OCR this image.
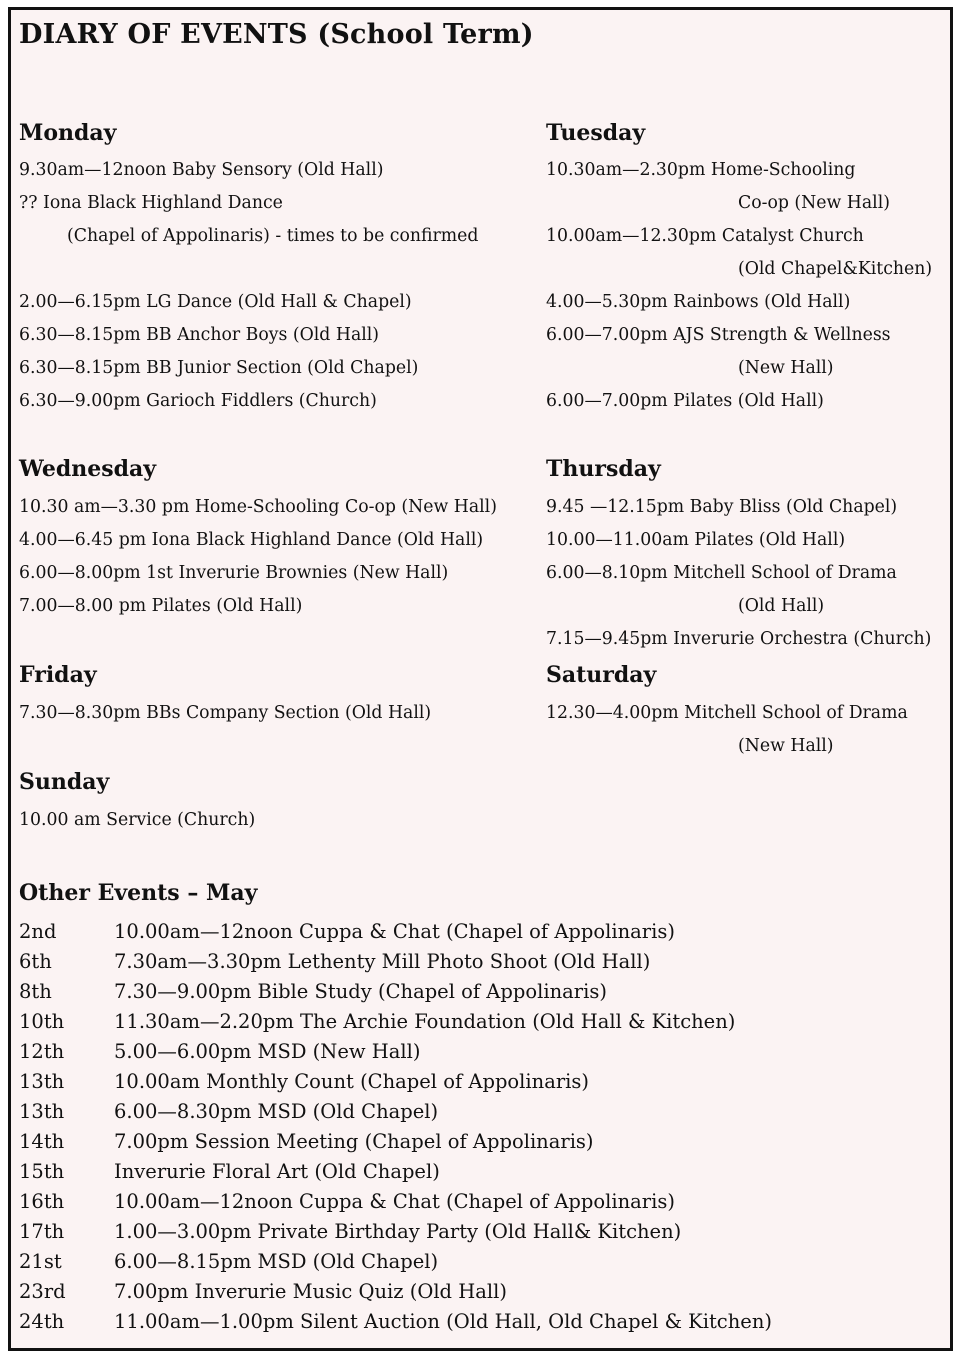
DIARY OF EVENTS (School Term)
Monday
9.30am—12noon Baby Sensory (Old Hall)
?? Iona Black Highland Dance
(Chapel of Appolinaris) - times to be confirmed
2.00—6.15pm LG Dance (Old Hall & Chapel)
6.30—8.15pm BB Anchor Boys (Old Hall)
6.30—8.15pm BB Junior Section (Old Chapel)
6.30—9.00pm Garioch Fiddlers (Church)
Tuesday
10.30am—2.30pm Home-Schooling
Co-op (New Hall)
10.00am—12.30pm Catalyst Church
(Old Chapel&Kitchen)
4.00—5.30pm Rainbows (Old Hall)
6.00—7.00pm AJS Strength & Wellness
(New Hall)
6.00—7.00pm Pilates (Old Hall)
Wednesday
10.30 am—3.30 pm Home-Schooling Co-op (New Hall)
4.00—6.45 pm Iona Black Highland Dance (Old Hall)
6.00—8.00pm 1st Inverurie Brownies (New Hall)
7.00—8.00 pm Pilates (Old Hall)
Thursday
9.45 —12.15pm Baby Bliss (Old Chapel)
10.00—11.00am Pilates (Old Hall)
6.00—8.10pm Mitchell School of Drama
(Old Hall)
7.15—9.45pm Inverurie Orchestra (Church)
Friday
7.30—8.30pm BBs Company Section (Old Hall)
Saturday
12.30—4.00pm Mitchell School of Drama
(New Hall)
Sunday
10.00 am Service (Church)
Other Events – May
2nd	10.00am—12noon Cuppa & Chat (Chapel of Appolinaris)
6th	7.30am—3.30pm Lethenty Mill Photo Shoot (Old Hall)
8th	7.30—9.00pm Bible Study (Chapel of Appolinaris)
10th	11.30am—2.20pm The Archie Foundation (Old Hall & Kitchen)
12th	5.00—6.00pm MSD (New Hall)
13th	10.00am Monthly Count (Chapel of Appolinaris)
13th	6.00—8.30pm MSD (Old Chapel)
14th	7.00pm Session Meeting (Chapel of Appolinaris)
15th	Inverurie Floral Art (Old Chapel)
16th	10.00am—12noon Cuppa & Chat (Chapel of Appolinaris)
17th	1.00—3.00pm Private Birthday Party (Old Hall& Kitchen)
21st	6.00—8.15pm MSD (Old Chapel)
23rd 7.00pm Inverurie Music Quiz (Old Hall)
24th	11.00am—1.00pm Silent Auction (Old Hall, Old Chapel & Kitchen)
